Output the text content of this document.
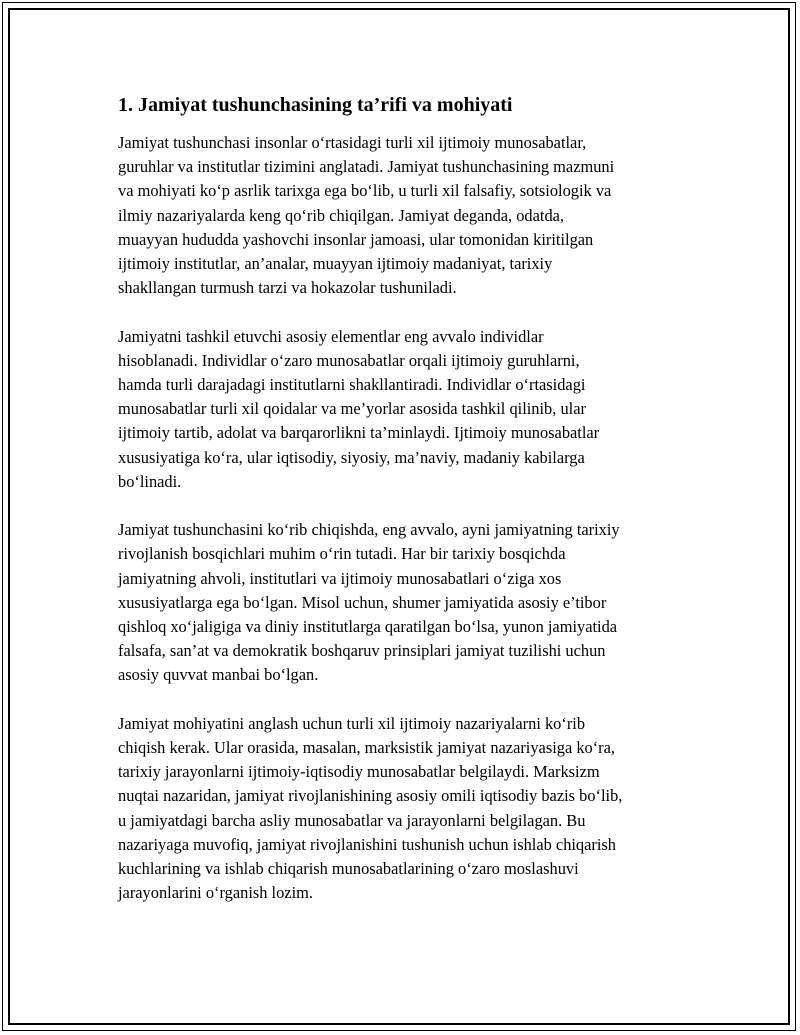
1. Jamiyat tushunchasining ta’rifi va mohiyati
Jamiyat tushunchasi insonlar o‘rtasidagi turli xil ijtimoiy munosabatlar,
guruhlar va institutlar tizimini anglatadi. Jamiyat tushunchasining mazmuni
va mohiyati ko‘p asrlik tarixga ega bo‘lib, u turli xil falsafiy, sotsiologik va
ilmiy nazariyalarda keng qo‘rib chiqilgan. Jamiyat deganda, odatda,
muayyan hududda yashovchi insonlar jamoasi, ular tomonidan kiritilgan
ijtimoiy institutlar, an’analar, muayyan ijtimoiy madaniyat, tarixiy
shakllangan turmush tarzi va hokazolar tushuniladi.
Jamiyatni tashkil etuvchi asosiy elementlar eng avvalo individlar
hisoblanadi. Individlar o‘zaro munosabatlar orqali ijtimoiy guruhlarni,
hamda turli darajadagi institutlarni shakllantiradi. Individlar o‘rtasidagi
munosabatlar turli xil qoidalar va me’yorlar asosida tashkil qilinib, ular
ijtimoiy tartib, adolat va barqarorlikni ta’minlaydi. Ijtimoiy munosabatlar
xususiyatiga ko‘ra, ular iqtisodiy, siyosiy, ma’naviy, madaniy kabilarga
bo‘linadi.
Jamiyat tushunchasini ko‘rib chiqishda, eng avvalo, ayni jamiyatning tarixiy
rivojlanish bosqichlari muhim o‘rin tutadi. Har bir tarixiy bosqichda
jamiyatning ahvoli, institutlari va ijtimoiy munosabatlari o‘ziga xos
xususiyatlarga ega bo‘lgan. Misol uchun, shumer jamiyatida asosiy e’tibor
qishloq xo‘jaligiga va diniy institutlarga qaratilgan bo‘lsa, yunon jamiyatida
falsafa, san’at va demokratik boshqaruv prinsiplari jamiyat tuzilishi uchun
asosiy quvvat manbai bo‘lgan.
Jamiyat mohiyatini anglash uchun turli xil ijtimoiy nazariyalarni ko‘rib
chiqish kerak. Ular orasida, masalan, marksistik jamiyat nazariyasiga ko‘ra,
tarixiy jarayonlarni ijtimoiy-iqtisodiy munosabatlar belgilaydi. Marksizm
nuqtai nazaridan, jamiyat rivojlanishining asosiy omili iqtisodiy bazis bo‘lib,
u jamiyatdagi barcha asliy munosabatlar va jarayonlarni belgilagan. Bu
nazariyaga muvofiq, jamiyat rivojlanishini tushunish uchun ishlab chiqarish
kuchlarining va ishlab chiqarish munosabatlarining o‘zaro moslashuvi
jarayonlarini o‘rganish lozim.
